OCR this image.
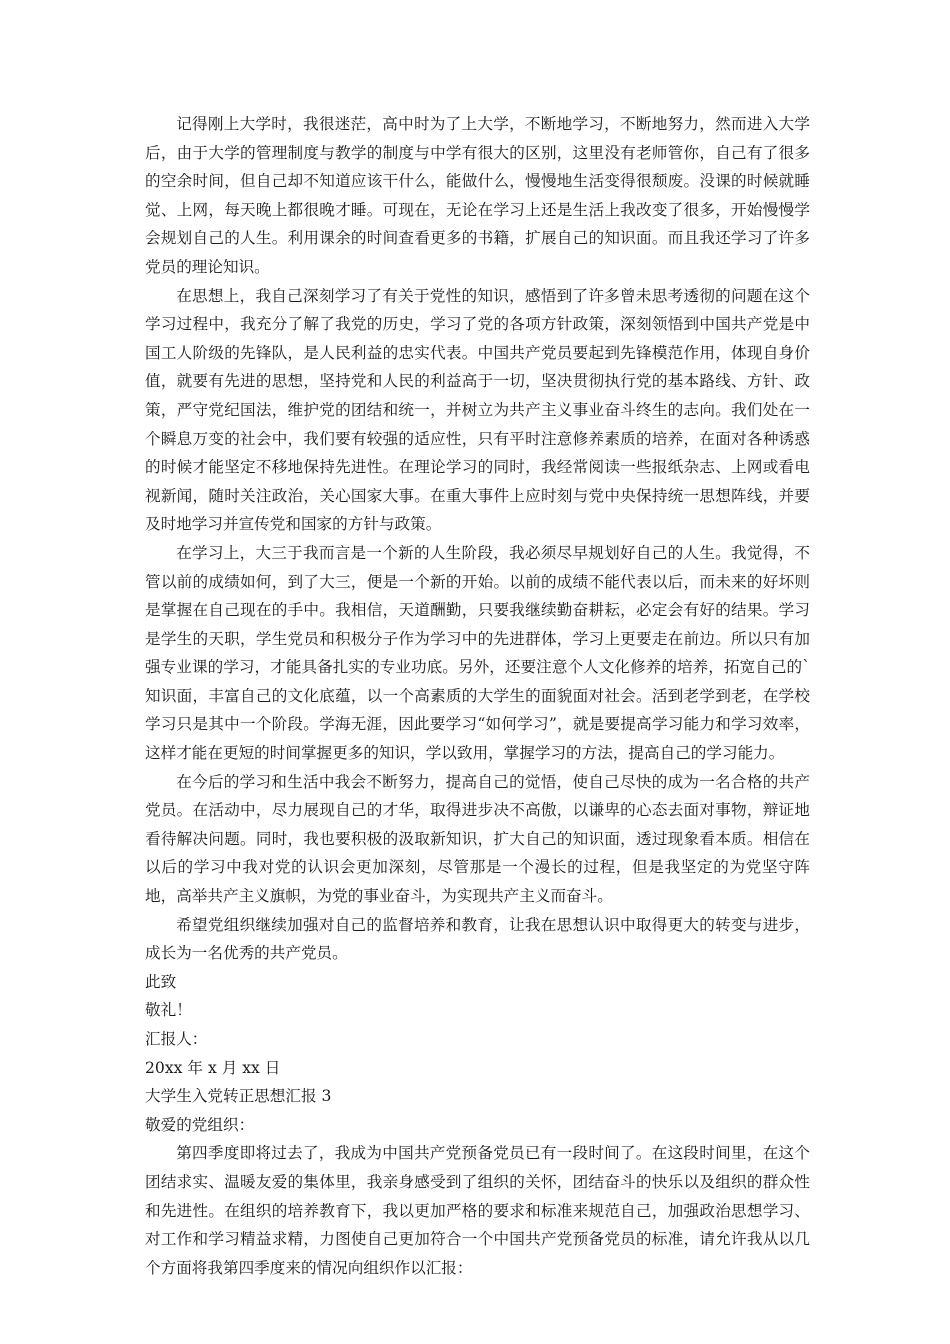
记得刚上大学时，我很迷茫，高中时为了上大学，不断地学习，不断地努力，然而进入大学后，由于大学的管理制度与教学的制度与中学有很大的区别，这里没有老师管你，自己有了很多的空余时间，但自己却不知道应该干什么，能做什么，慢慢地生活变得很颓废。没课的时候就睡觉、上网，每天晚上都很晚才睡。可现在，无论在学习上还是生活上我改变了很多，开始慢慢学会规划自己的人生。利用课余的时间查看更多的书籍，扩展自己的知识面。而且我还学习了许多党员的理论知识。

在思想上，我自己深刻学习了有关于党性的知识，感悟到了许多曾未思考透彻的问题在这个学习过程中，我充分了解了我党的历史，学习了党的各项方针政策，深刻领悟到中国共产党是中国工人阶级的先锋队，是人民利益的忠实代表。中国共产党员要起到先锋模范作用，体现自身价值，就要有先进的思想，坚持党和人民的利益高于一切，坚决贯彻执行党的基本路线、方针、政策，严守党纪国法，维护党的团结和统一，并树立为共产主义事业奋斗终生的志向。我们处在一个瞬息万变的社会中，我们要有较强的适应性，只有平时注意修养素质的培养，在面对各种诱惑的时候才能坚定不移地保持先进性。在理论学习的同时，我经常阅读一些报纸杂志、上网或看电视新闻，随时关注政治，关心国家大事。在重大事件上应时刻与党中央保持统一思想阵线，并要及时地学习并宣传党和国家的方针与政策。

在学习上，大三于我而言是一个新的人生阶段，我必须尽早规划好自己的人生。我觉得，不管以前的成绩如何，到了大三，便是一个新的开始。以前的成绩不能代表以后，而未来的好坏则是掌握在自己现在的手中。我相信，天道酬勤，只要我继续勤奋耕耘，必定会有好的结果。学习是学生的天职，学生党员和积极分子作为学习中的先进群体，学习上更要走在前边。所以只有加强专业课的学习，才能具备扎实的专业功底。另外，还要注意个人文化修养的培养，拓宽自己的`知识面，丰富自己的文化底蕴，以一个高素质的大学生的面貌面对社会。活到老学到老，在学校学习只是其中一个阶段。学海无涯，因此要学习“如何学习”，就是要提高学习能力和学习效率，这样才能在更短的时间掌握更多的知识，学以致用，掌握学习的方法，提高自己的学习能力。

在今后的学习和生活中我会不断努力，提高自己的觉悟，使自己尽快的成为一名合格的共产党员。在活动中，尽力展现自己的才华，取得进步决不高傲，以谦卑的心态去面对事物，辩证地看待解决问题。同时，我也要积极的汲取新知识，扩大自己的知识面，透过现象看本质。相信在以后的学习中我对党的认识会更加深刻，尽管那是一个漫长的过程，但是我坚定的为党坚守阵地，高举共产主义旗帜，为党的事业奋斗，为实现共产主义而奋斗。

希望党组织继续加强对自己的监督培养和教育，让我在思想认识中取得更大的转变与进步，成长为一名优秀的共产党员。

此致

敬礼！

汇报人：

20xx 年 x 月 xx 日

大学生入党转正思想汇报 3

敬爱的党组织：

第四季度即将过去了，我成为中国共产党预备党员已有一段时间了。在这段时间里，在这个团结求实、温暖友爱的集体里，我亲身感受到了组织的关怀，团结奋斗的快乐以及组织的群众性和先进性。在组织的培养教育下，我以更加严格的要求和标准来规范自己，加强政治思想学习、对工作和学习精益求精，力图使自己更加符合一个中国共产党预备党员的标准，请允许我从以几个方面将我第四季度来的情况向组织作以汇报：
